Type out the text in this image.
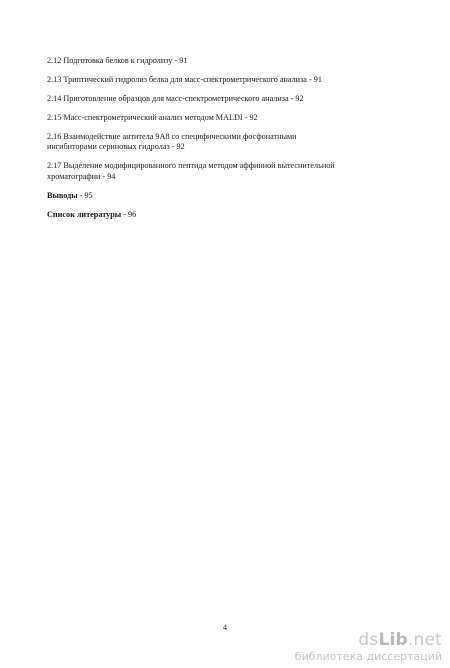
2.12 Подготовка белков к гидролизу - 91
2.13 Триптический гидролиз белка для масс-спектрометрического анализа - 91
2.14 Приготовление образцов для масс-спектрометрического анализа - 92
2.15 Масс-спектрометрический анализ методом MALDI - 92
2.16 Взаимодействие антитела 9А8 со специфическими фосфонатными
ингибиторами сериновых гидролаз - 92
2.17 Выделение модифицированного пептида методом аффинной вытеснительной
хроматографии - 94
Выводы - 95
Список литературы - 96
4
dsLib.net
библиотека диссертаций
